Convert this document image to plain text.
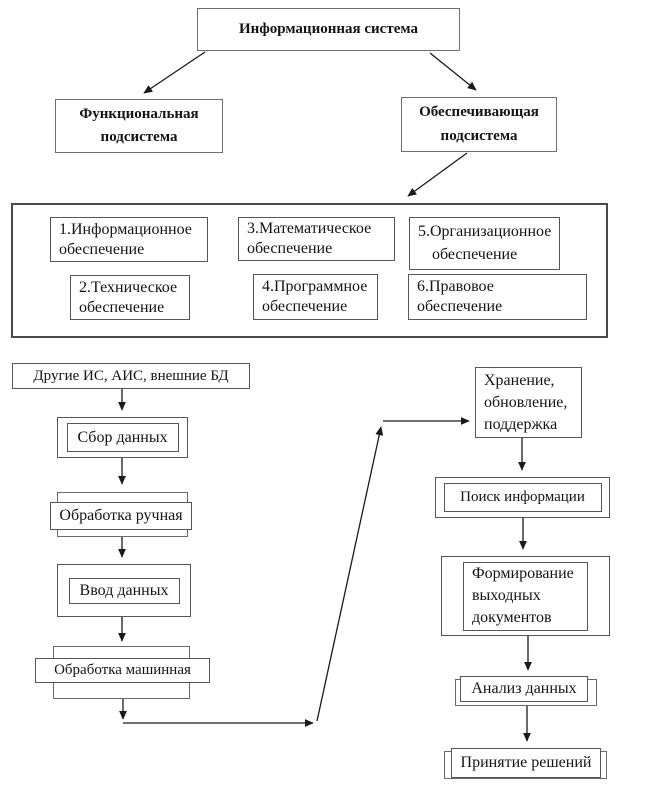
Информационная система
Функциональная
подсистема
Обеспечивающая
подсистема
1.Информационное
обеспечение
3.Математическое
обеспечение
5.Организационное
обеспечение
2.Техническое
обеспечение
4.Программное
обеспечение
6.Правовое
обеспечение
Другие ИС, АИС, внешние БД
Сбор данных
Обработка ручная
Ввод данных
Обработка машинная
Хранение,
обновление,
поддержка
Поиск информации
Формирование
выходных
документов
Анализ данных
Принятие решений
